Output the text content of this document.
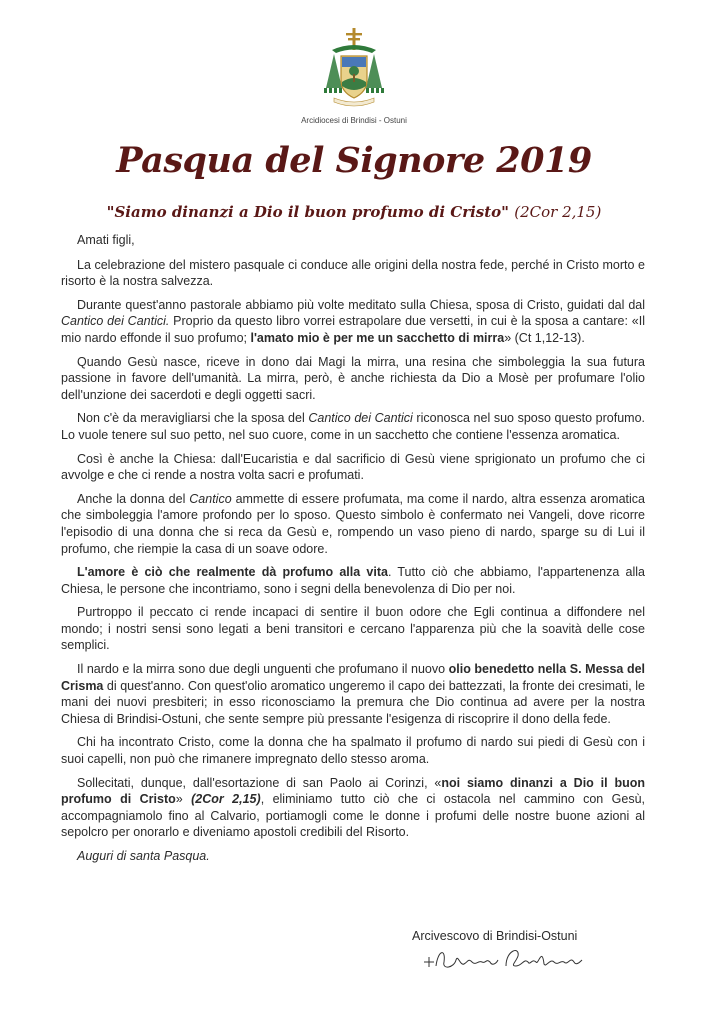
Arcidiocesi di Brindisi - Ostuni
Pasqua del Signore 2019
"Siamo dinanzi a Dio il buon profumo di Cristo" (2Cor 2,15)

Amati figli,

La celebrazione del mistero pasquale ci conduce alle origini della nostra fede, perché in Cristo morto e risorto è la nostra salvezza.

Durante quest'anno pastorale abbiamo più volte meditato sulla Chiesa, sposa di Cristo, guidati dal dal Cantico dei Cantici. Proprio da questo libro vorrei estrapolare due versetti, in cui è la sposa a cantare: «Il mio nardo effonde il suo profumo; l'amato mio è per me un sacchetto di mirra» (Ct 1,12-13).

Quando Gesù nasce, riceve in dono dai Magi la mirra, una resina che simboleggia la sua futura passione in favore dell'umanità. La mirra, però, è anche richiesta da Dio a Mosè per profumare l'olio dell'unzione dei sacerdoti e degli oggetti sacri.

Non c'è da meravigliarsi che la sposa del Cantico dei Cantici riconosca nel suo sposo questo profumo. Lo vuole tenere sul suo petto, nel suo cuore, come in un sacchetto che contiene l'essenza aromatica.

Così è anche la Chiesa: dall'Eucaristia e dal sacrificio di Gesù viene sprigionato un profumo che ci avvolge e che ci rende a nostra volta sacri e profumati.

Anche la donna del Cantico ammette di essere profumata, ma come il nardo, altra essenza aromatica che simboleggia l'amore profondo per lo sposo. Questo simbolo è confermato nei Vangeli, dove ricorre l'episodio di una donna che si reca da Gesù e, rompendo un vaso pieno di nardo, sparge su di Lui il profumo, che riempie la casa di un soave odore.

L'amore è ciò che realmente dà profumo alla vita. Tutto ciò che abbiamo, l'appartenenza alla Chiesa, le persone che incontriamo, sono i segni della benevolenza di Dio per noi.

Purtroppo il peccato ci rende incapaci di sentire il buon odore che Egli continua a diffondere nel mondo; i nostri sensi sono legati a beni transitori e cercano l'apparenza più che la soavità delle cose semplici.

Il nardo e la mirra sono due degli unguenti che profumano il nuovo olio benedetto nella S. Messa del Crisma di quest'anno. Con quest'olio aromatico ungeremo il capo dei battezzati, la fronte dei cresimati, le mani dei nuovi presbiteri; in esso riconosciamo la premura che Dio continua ad avere per la nostra Chiesa di Brindisi-Ostuni, che sente sempre più pressante l'esigenza di riscoprire il dono della fede.

Chi ha incontrato Cristo, come la donna che ha spalmato il profumo di nardo sui piedi di Gesù con i suoi capelli, non può che rimanere impregnato dello stesso aroma.

Sollecitati, dunque, dall'esortazione di san Paolo ai Corinzi, «noi siamo dinanzi a Dio il buon profumo di Cristo» (2Cor 2,15), eliminiamo tutto ciò che ci ostacola nel cammino con Gesù, accompagniamolo fino al Calvario, portiamogli come le donne i profumi delle nostre buone azioni al sepolcro per onorarlo e diveniamo apostoli credibili del Risorto.

Auguri di santa Pasqua.

Arcivescovo di Brindisi-Ostuni
